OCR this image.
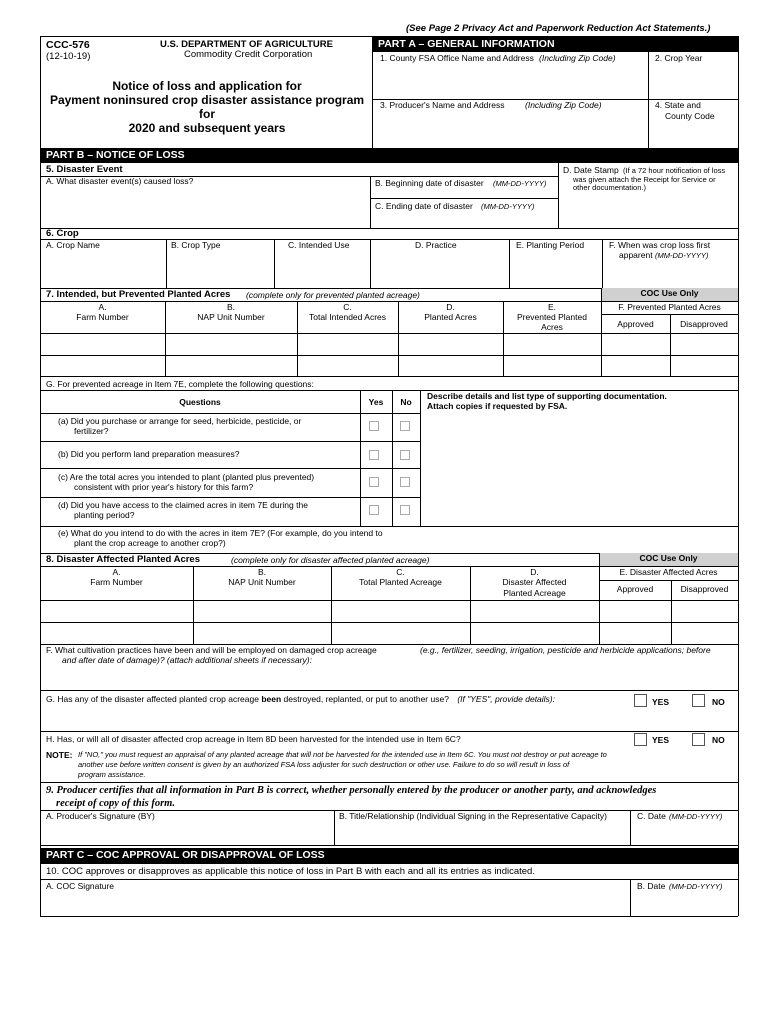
(See Page 2 Privacy Act and Paperwork Reduction Act Statements.)
CCC-576
(12-10-19)
U.S. DEPARTMENT OF AGRICULTURE
Commodity Credit Corporation
Notice of loss and application for
Payment noninsured crop disaster assistance program
for
2020 and subsequent years
PART A – GENERAL INFORMATION
1. County FSA Office Name and Address (Including Zip Code)	2. Crop Year
3. Producer's Name and Address (Including Zip Code)	4. State and
County Code
PART B – NOTICE OF LOSS
5. Disaster Event
A. What disaster event(s) caused loss?	B. Beginning date of disaster (MM-DD-YYYY)
C. Ending date of disaster (MM-DD-YYYY)
D. Date Stamp (If a 72 hour notification of loss
was given attach the Receipt for Service or
other documentation.)
6. Crop
A. Crop Name	B. Crop Type	C. Intended Use	D. Practice	E. Planting Period	F. When was crop loss first
apparent (MM-DD-YYYY)
7. Intended, but Prevented Planted Acres (complete only for prevented planted acreage)	COC Use Only
A.
Farm Number
B.
NAP Unit Number
C.
Total Intended Acres
D.
Planted Acres
E.
Prevented Planted
Acres
F. Prevented Planted Acres
Approved	Disapproved
G. For prevented acreage in Item 7E, complete the following questions:
Questions	Yes	No
Describe details and list type of supporting documentation.
Attach copies if requested by FSA.
(a) Did you purchase or arrange for seed, herbicide, pesticide, or
fertilizer?
(b) Did you perform land preparation measures?
(c) Are the total acres you intended to plant (planted plus prevented)
consistent with prior year's history for this farm?
(d) Did you have access to the claimed acres in item 7E during the
planting period?
(e) What do you intend to do with the acres in item 7E? (For example, do you intend to
plant the crop acreage to another crop?)
8. Disaster Affected Planted Acres	(complete only for disaster affected planted acreage)	COC Use Only
A.
Farm Number
B.
NAP Unit Number
C.
Total Planted Acreage
D.
Disaster Affected
Planted Acreage
E. Disaster Affected Acres
Approved	Disapproved
F. What cultivation practices have been and will be employed on damaged crop acreage	(e.g., fertilizer, seeding, irrigation, pesticide and herbicide applications; before
and after date of damage)? (attach additional sheets if necessary):
G. Has any of the disaster affected planted crop acreage been destroyed, replanted, or put to another use? (If "YES", provide details):	YES	NO
H. Has, or will all of disaster affected crop acreage in Item 8D been harvested for the intended use in Item 6C?	YES	NO
NOTE: If "NO," you must request an appraisal of any planted acreage that will not be harvested for the intended use in Item 6C. You must not destroy or put acreage to
another use before written consent is given by an authorized FSA loss adjuster for such destruction or other use. Failure to do so will result in loss of
program assistance.
9. Producer certifies that all information in Part B is correct, whether personally entered by the producer or another party, and acknowledges
receipt of copy of this form.
A. Producer's Signature (BY)	B. Title/Relationship (Individual Signing in the Representative Capacity)	C. Date (MM-DD-YYYY)
PART C – COC APPROVAL OR DISAPPROVAL OF LOSS
10. COC approves or disapproves as applicable this notice of loss in Part B with each and all its entries as indicated.
A. COC Signature	B. Date (MM-DD-YYYY)
